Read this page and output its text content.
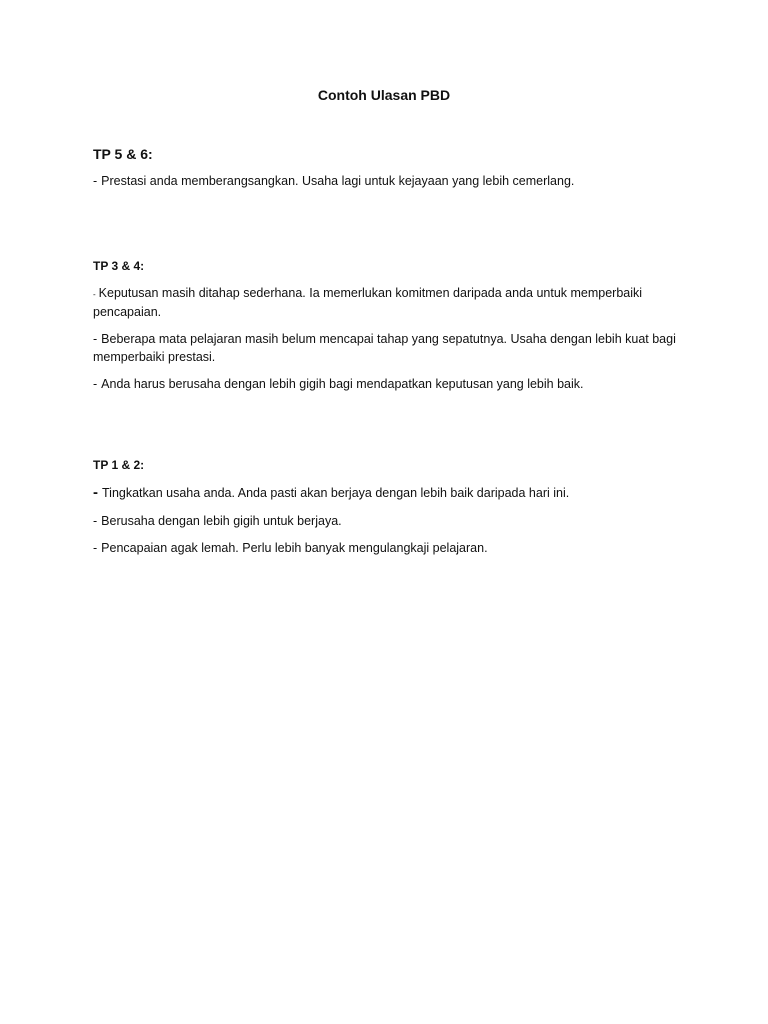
Contoh Ulasan PBD

TP 5 & 6:

- Prestasi anda memberangsangkan. Usaha lagi untuk kejayaan yang lebih cemerlang.

TP 3 & 4:

- Keputusan masih ditahap sederhana. Ia memerlukan komitmen daripada anda untuk memperbaiki pencapaian.

- Beberapa mata pelajaran masih belum mencapai tahap yang sepatutnya. Usaha dengan lebih kuat bagi memperbaiki prestasi.

- Anda harus berusaha dengan lebih gigih bagi mendapatkan keputusan yang lebih baik.

TP 1 & 2:

- Tingkatkan usaha anda. Anda pasti akan berjaya dengan lebih baik daripada hari ini.

- Berusaha dengan lebih gigih untuk berjaya.

- Pencapaian agak lemah. Perlu lebih banyak mengulangkaji pelajaran.
